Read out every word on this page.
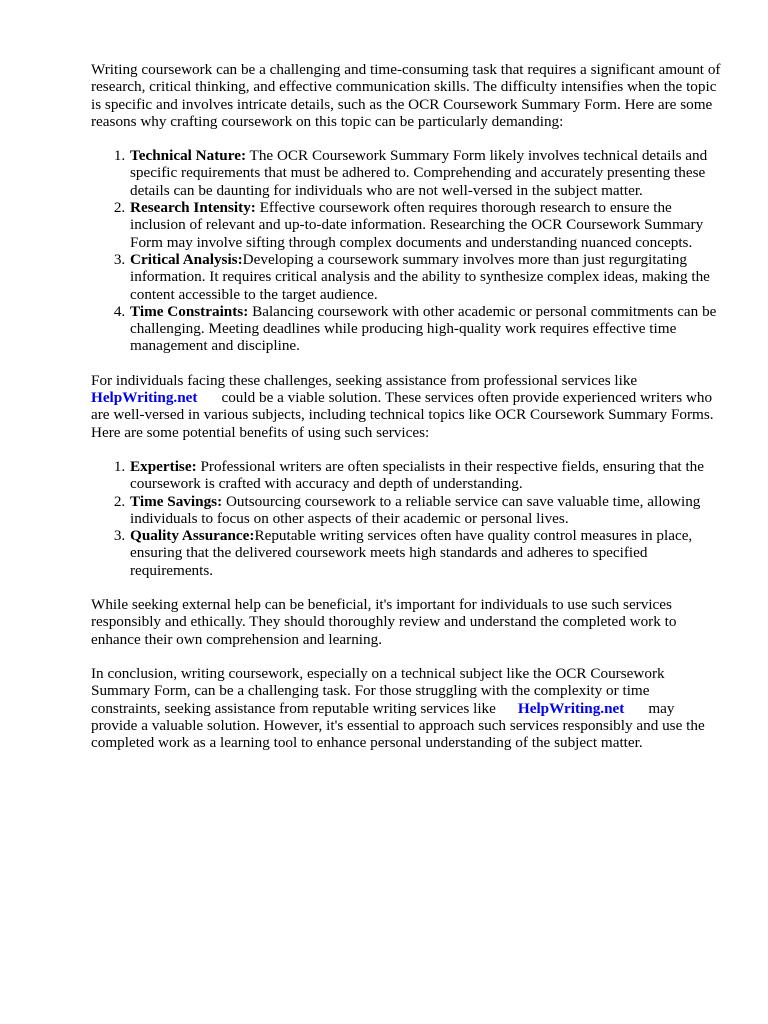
Writing coursework can be a challenging and time-consuming task that requires a significant amount of research, critical thinking, and effective communication skills. The difficulty intensifies when the topic is specific and involves intricate details, such as the OCR Coursework Summary Form. Here are some reasons why crafting coursework on this topic can be particularly demanding:

1. Technical Nature: The OCR Coursework Summary Form likely involves technical details and specific requirements that must be adhered to. Comprehending and accurately presenting these details can be daunting for individuals who are not well-versed in the subject matter.
2. Research Intensity: Effective coursework often requires thorough research to ensure the inclusion of relevant and up-to-date information. Researching the OCR Coursework Summary Form may involve sifting through complex documents and understanding nuanced concepts.
3. Critical Analysis:Developing a coursework summary involves more than just regurgitating information. It requires critical analysis and the ability to synthesize complex ideas, making the content accessible to the target audience.
4. Time Constraints: Balancing coursework with other academic or personal commitments can be challenging. Meeting deadlines while producing high-quality work requires effective time management and discipline.

For individuals facing these challenges, seeking assistance from professional services like
HelpWriting.net could be a viable solution. These services often provide experienced writers who are well-versed in various subjects, including technical topics like OCR Coursework Summary Forms. Here are some potential benefits of using such services:

1. Expertise: Professional writers are often specialists in their respective fields, ensuring that the coursework is crafted with accuracy and depth of understanding.
2. Time Savings: Outsourcing coursework to a reliable service can save valuable time, allowing individuals to focus on other aspects of their academic or personal lives.
3. Quality Assurance:Reputable writing services often have quality control measures in place, ensuring that the delivered coursework meets high standards and adheres to specified requirements.

While seeking external help can be beneficial, it's important for individuals to use such services responsibly and ethically. They should thoroughly review and understand the completed work to enhance their own comprehension and learning.

In conclusion, writing coursework, especially on a technical subject like the OCR Coursework Summary Form, can be a challenging task. For those struggling with the complexity or time constraints, seeking assistance from reputable writing services like HelpWriting.net may provide a valuable solution. However, it's essential to approach such services responsibly and use the completed work as a learning tool to enhance personal understanding of the subject matter.
